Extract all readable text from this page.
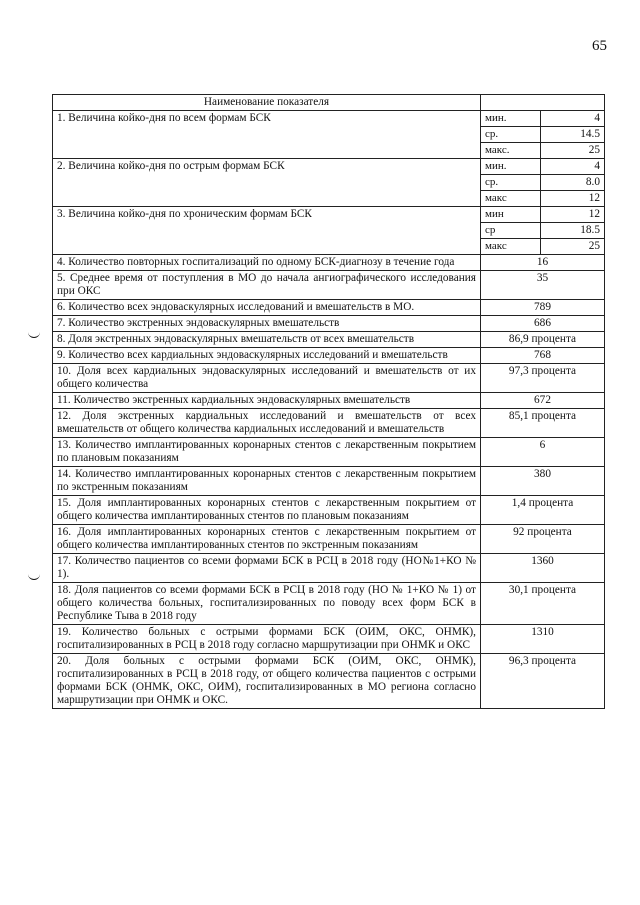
65
Наименование показателя		
1. Величина койко-дня по всем формам БСК	мин.	4
	ср.	14.5
	макс.	25
2. Величина койко-дня по острым формам БСК	мин.	4
	ср.	8.0
	макс	12
3. Величина койко-дня по хроническим формам БСК	мин	12
	ср	18.5
	макс	25
4. Количество повторных госпитализаций по одному БСК-диагнозу в течение года	16	
5. Среднее время от поступления в МО до начала ангиографического исследования при ОКС	35	
6. Количество всех эндоваскулярных исследований и вмешательств в МО.	789	
7. Количество экстренных эндоваскулярных вмешательств	686	
8. Доля экстренных эндоваскулярных вмешательств от всех вмешательств	86,9 процента	
9. Количество всех кардиальных эндоваскулярных исследований и вмешательств	768	
10. Доля всех кардиальных эндоваскулярных исследований и вмешательств от их общего количества	97,3 процента	
11. Количество экстренных кардиальных эндоваскулярных вмешательств	672	
12. Доля экстренных кардиальных исследований и вмешательств от всех вмешательств от общего количества кардиальных исследований и вмешательств	85,1 процента	
13. Количество имплантированных коронарных стентов с лекарственным покрытием по плановым показаниям	6	
14. Количество имплантированных коронарных стентов с лекарственным покрытием по экстренным показаниям	380	
15. Доля имплантированных коронарных стентов с лекарственным покрытием от общего количества имплантированных стентов по плановым показаниям	1,4 процента	
16. Доля имплантированных коронарных стентов с лекарственным покрытием от общего количества имплантированных стентов по экстренным показаниям	92 процента	
17. Количество пациентов со всеми формами БСК в РСЦ в 2018 году (НО№1+КО № 1).	1360	
18. Доля пациентов со всеми формами БСК в РСЦ в 2018 году (НО № 1+КО № 1) от общего количества больных, госпитализированных по поводу всех форм БСК в Республике Тыва в 2018 году	30,1 процента	
19. Количество больных с острыми формами БСК (ОИМ, ОКС, ОНМК), госпитализированных в РСЦ в 2018 году согласно маршрутизации при ОНМК и ОКС	1310	
20. Доля больных с острыми формами БСК (ОИМ, ОКС, ОНМК), госпитализированных в РСЦ в 2018 году, от общего количества пациентов с острыми формами БСК (ОНМК, ОКС, ОИМ), госпитализированных в МО региона согласно маршрутизации при ОНМК и ОКС.	96,3 процента	
